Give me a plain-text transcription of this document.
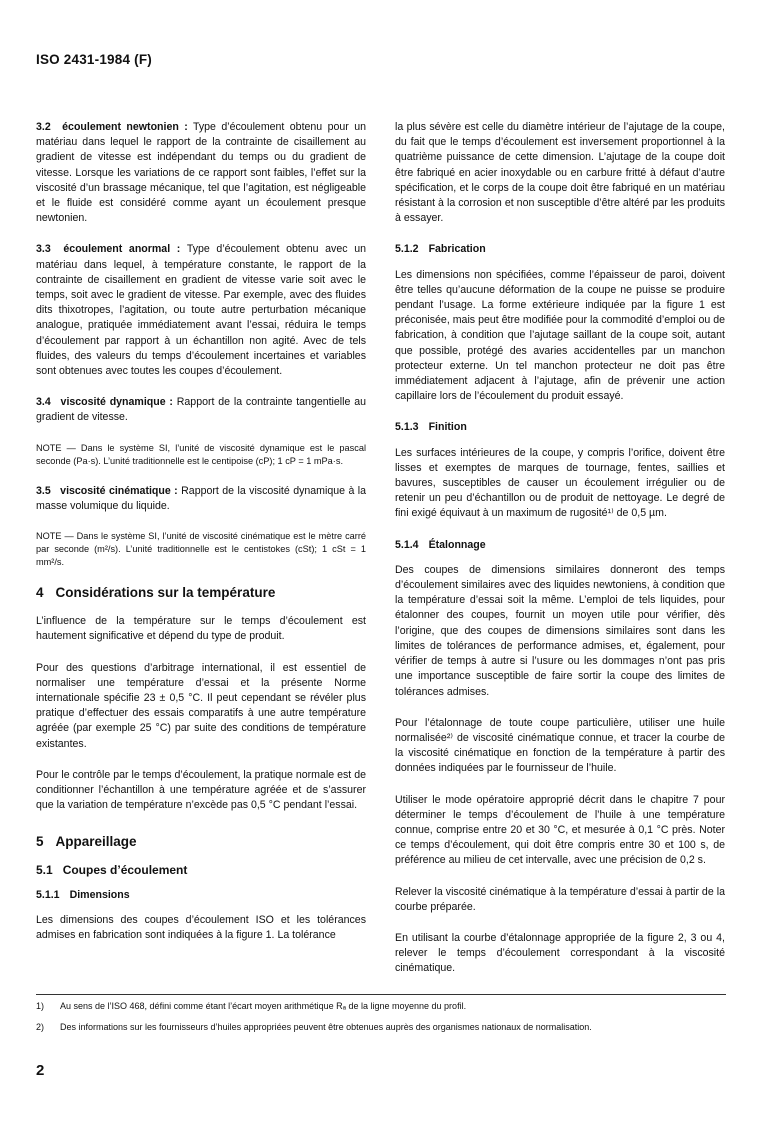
ISO 2431-1984 (F)

3.2 écoulement newtonien : Type d’écoulement obtenu pour un matériau dans lequel le rapport de la contrainte de cisaillement au gradient de vitesse est indépendant du temps ou du gradient de vitesse. Lorsque les variations de ce rapport sont faibles, l’effet sur la viscosité d’un brassage mécanique, tel que l’agitation, est négligeable et le fluide est considéré comme ayant un écoulement presque newtonien.

3.3 écoulement anormal : Type d’écoulement obtenu avec un matériau dans lequel, à température constante, le rapport de la contrainte de cisaillement en gradient de vitesse varie soit avec le temps, soit avec le gradient de vitesse. Par exemple, avec des fluides dits thixotropes, l’agitation, ou toute autre perturbation mécanique analogue, pratiquée immédiatement avant l’essai, réduira le temps d’écoulement par rapport à un échantillon non agité. Avec de tels fluides, des valeurs du temps d’écoulement incertaines et variables sont obtenues avec toutes les coupes d’écoulement.

3.4 viscosité dynamique : Rapport de la contrainte tangentielle au gradient de vitesse.

NOTE — Dans le système SI, l’unité de viscosité dynamique est le pascal seconde (Pa·s). L’unité traditionnelle est le centipoise (cP); 1 cP = 1 mPa·s.

3.5 viscosité cinématique : Rapport de la viscosité dynamique à la masse volumique du liquide.

NOTE — Dans le système SI, l’unité de viscosité cinématique est le mètre carré par seconde (m²/s). L’unité traditionnelle est le centistokes (cSt); 1 cSt = 1 mm²/s.

4 Considérations sur la température

L’influence de la température sur le temps d’écoulement est hautement significative et dépend du type de produit.

Pour des questions d’arbitrage international, il est essentiel de normaliser une température d’essai et la présente Norme internationale spécifie 23 ± 0,5 °C. Il peut cependant se révéler plus pratique d’effectuer des essais comparatifs à une autre température agréée (par exemple 25 °C) par suite des conditions de température existantes.

Pour le contrôle par le temps d’écoulement, la pratique normale est de conditionner l’échantillon à une température agréée et de s’assurer que la variation de température n’excède pas 0,5 °C pendant l’essai.

5 Appareillage
5.1 Coupes d’écoulement
5.1.1 Dimensions

Les dimensions des coupes d’écoulement ISO et les tolérances admises en fabrication sont indiquées à la figure 1. La tolérance

la plus sévère est celle du diamètre intérieur de l’ajutage de la coupe, du fait que le temps d’écoulement est inversement proportionnel à la quatrième puissance de cette dimension. L’ajutage de la coupe doit être fabriqué en acier inoxydable ou en carbure fritté à défaut d’autre spécification, et le corps de la coupe doit être fabriqué en un matériau résistant à la corrosion et non susceptible d’être altéré par les produits à essayer.

5.1.2 Fabrication

Les dimensions non spécifiées, comme l’épaisseur de paroi, doivent être telles qu’aucune déformation de la coupe ne puisse se produire pendant l’usage. La forme extérieure indiquée par la figure 1 est préconisée, mais peut être modifiée pour la commodité d’emploi ou de fabrication, à condition que l’ajutage saillant de la coupe soit, autant que possible, protégé des avaries accidentelles par un manchon protecteur externe. Un tel manchon protecteur ne doit pas être immédiatement adjacent à l’ajutage, afin de prévenir une action capillaire lors de l’écoulement du produit essayé.

5.1.3 Finition

Les surfaces intérieures de la coupe, y compris l’orifice, doivent être lisses et exemptes de marques de tournage, fentes, saillies et bavures, susceptibles de causer un écoulement irrégulier ou de retenir un peu d’échantillon ou de produit de nettoyage. Le degré de fini exigé équivaut à un maximum de rugosité¹⁾ de 0,5 µm.

5.1.4 Étalonnage

Des coupes de dimensions similaires donneront des temps d’écoulement similaires avec des liquides newtoniens, à condition que la température d’essai soit la même. L’emploi de tels liquides, pour étalonner des coupes, fournit un moyen utile pour vérifier, dès l’origine, que des coupes de dimensions similaires sont dans les limites de tolérances de performance admises, et, également, pour vérifier de temps à autre si l’usure ou les dommages n’ont pas pris une importance susceptible de faire sortir la coupe des limites de tolérances admises.

Pour l’étalonnage de toute coupe particulière, utiliser une huile normalisée²⁾ de viscosité cinématique connue, et tracer la courbe de la viscosité cinématique en fonction de la température à partir des données indiquées par le fournisseur de l’huile.

Utiliser le mode opératoire approprié décrit dans le chapitre 7 pour déterminer le temps d’écoulement de l’huile à une température connue, comprise entre 20 et 30 °C, et mesurée à 0,1 °C près. Noter ce temps d’écoulement, qui doit être compris entre 30 et 100 s, de préférence au milieu de cet intervalle, avec une précision de 0,2 s.

Relever la viscosité cinématique à la température d’essai à partir de la courbe préparée.

En utilisant la courbe d’étalonnage appropriée de la figure 2, 3 ou 4, relever le temps d’écoulement correspondant à la viscosité cinématique.

1) Au sens de l’ISO 468, défini comme étant l’écart moyen arithmétique Rₐ de la ligne moyenne du profil.
2) Des informations sur les fournisseurs d’huiles appropriées peuvent être obtenues auprès des organismes nationaux de normalisation.
2
